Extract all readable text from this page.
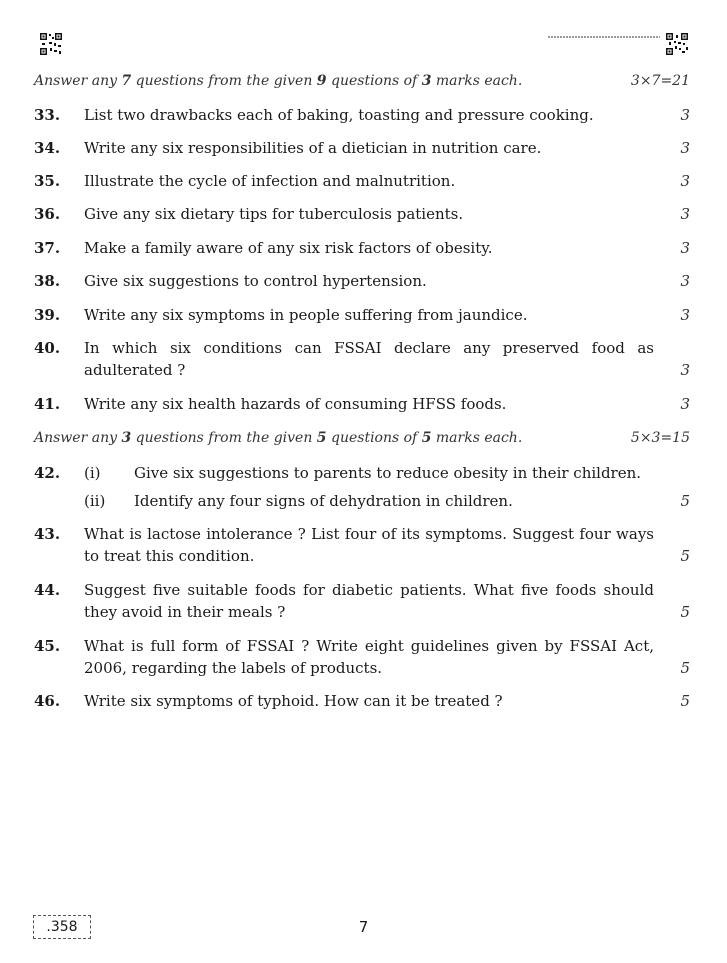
Answer any 7 questions from the given 9 questions of 3 marks each.	3×7=21
33. List two drawbacks each of baking, toasting and pressure cooking.	3
34. Write any six responsibilities of a dietician in nutrition care.	3
35. Illustrate the cycle of infection and malnutrition.	3
36. Give any six dietary tips for tuberculosis patients.	3
37. Make a family aware of any six risk factors of obesity.	3
38. Give six suggestions to control hypertension.	3
39. Write any six symptoms in people suffering from jaundice.	3
40. In which six conditions can FSSAI declare any preserved food as adulterated ?	3
41. Write any six health hazards of consuming HFSS foods.	3
Answer any 3 questions from the given 5 questions of 5 marks each.	5×3=15
42. (i) Give six suggestions to parents to reduce obesity in their children.
(ii) Identify any four signs of dehydration in children.	5
43. What is lactose intolerance ? List four of its symptoms. Suggest four ways to treat this condition.	5
44. Suggest five suitable foods for diabetic patients. What five foods should they avoid in their meals ?	5
45. What is full form of FSSAI ? Write eight guidelines given by FSSAI Act, 2006, regarding the labels of products.	5
46. Write six symptoms of typhoid. How can it be treated ?	5
.358	7
